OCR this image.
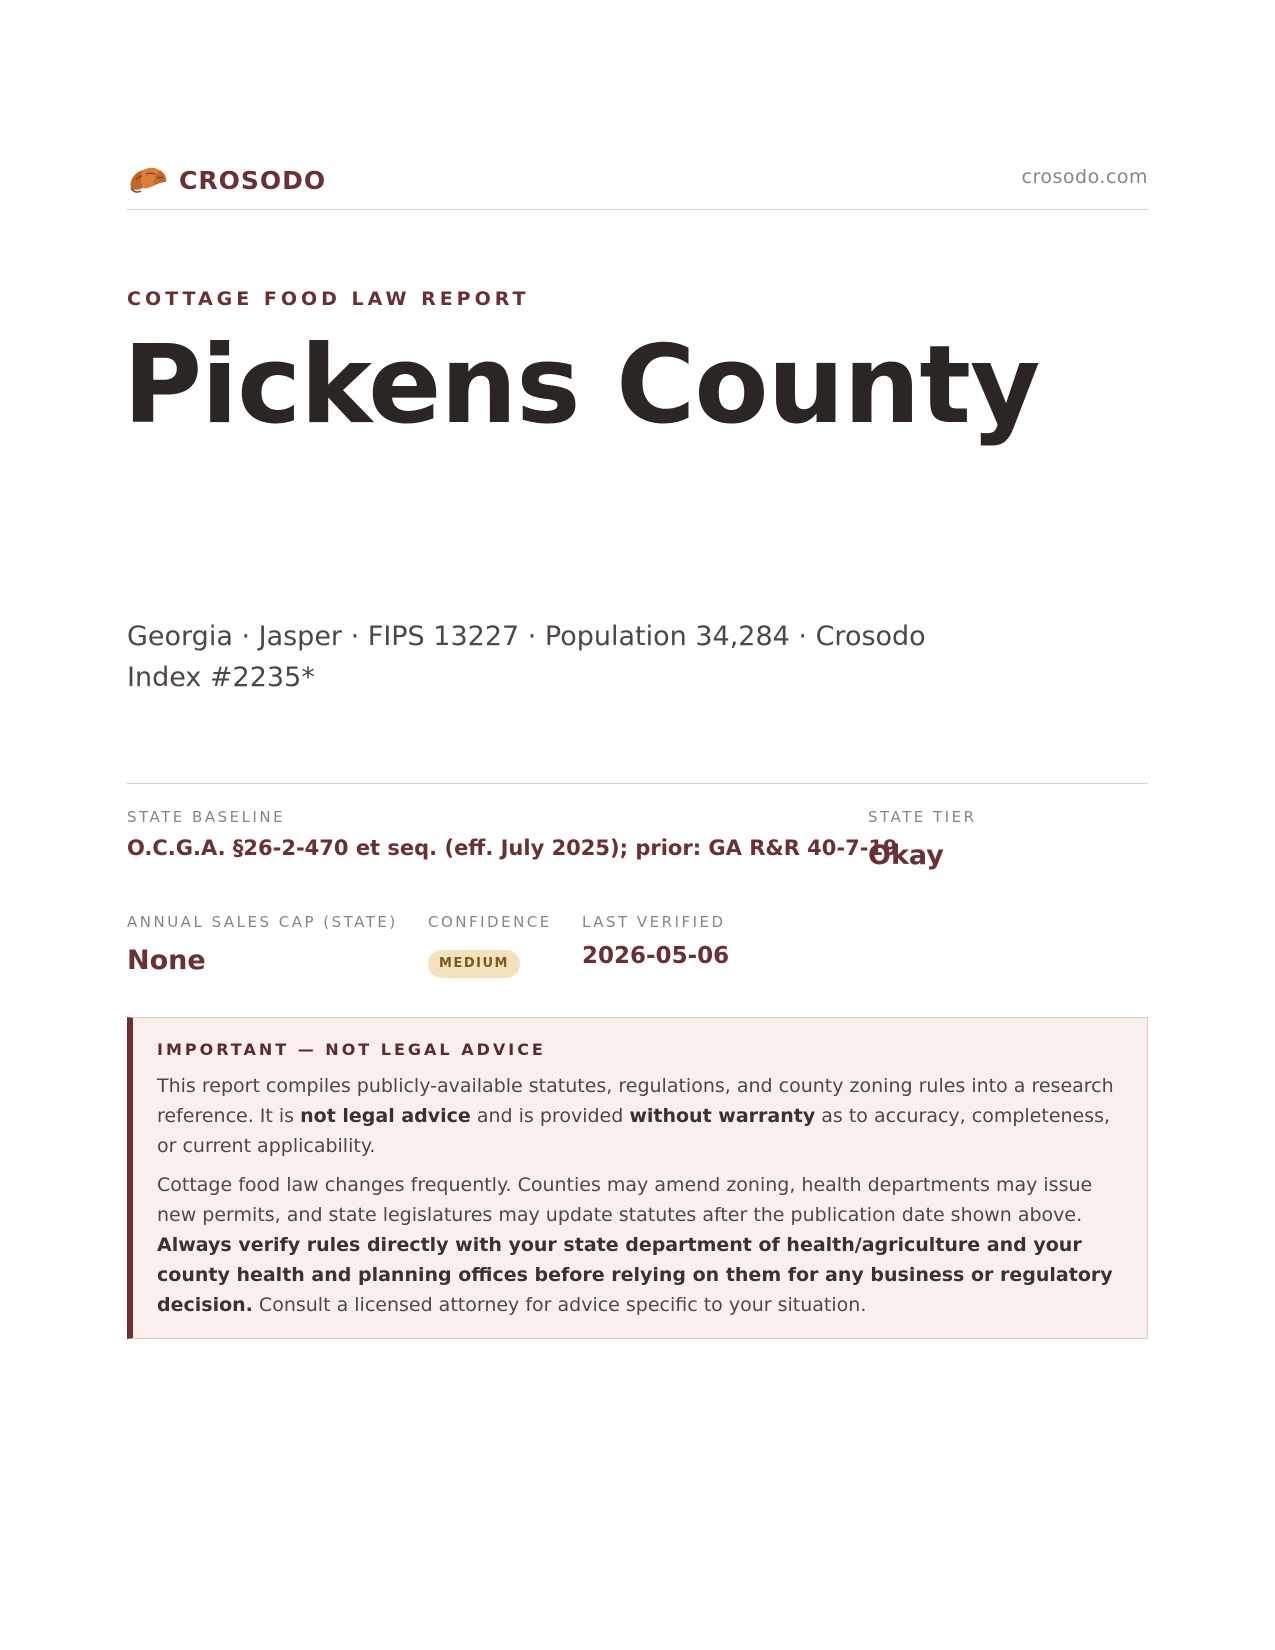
CROSODO	crosodo.com
COTTAGE FOOD LAW REPORT
Pickens County
Georgia · Jasper · FIPS 13227 · Population 34,284 · Crosodo Index #2235*
STATE BASELINE
O.C.G.A. §26-2-470 et seq. (eff. July 2025); prior: GA R&R 40-7-19
STATE TIER
Okay
ANNUAL SALES CAP (STATE)
None
CONFIDENCE
MEDIUM
LAST VERIFIED
2026-05-06
IMPORTANT — NOT LEGAL ADVICE

This report compiles publicly-available statutes, regulations, and county zoning rules into a research reference. It is not legal advice and is provided without warranty as to accuracy, completeness, or current applicability.

Cottage food law changes frequently. Counties may amend zoning, health departments may issue new permits, and state legislatures may update statutes after the publication date shown above. Always verify rules directly with your state department of health/agriculture and your county health and planning offices before relying on them for any business or regulatory decision. Consult a licensed attorney for advice specific to your situation.
